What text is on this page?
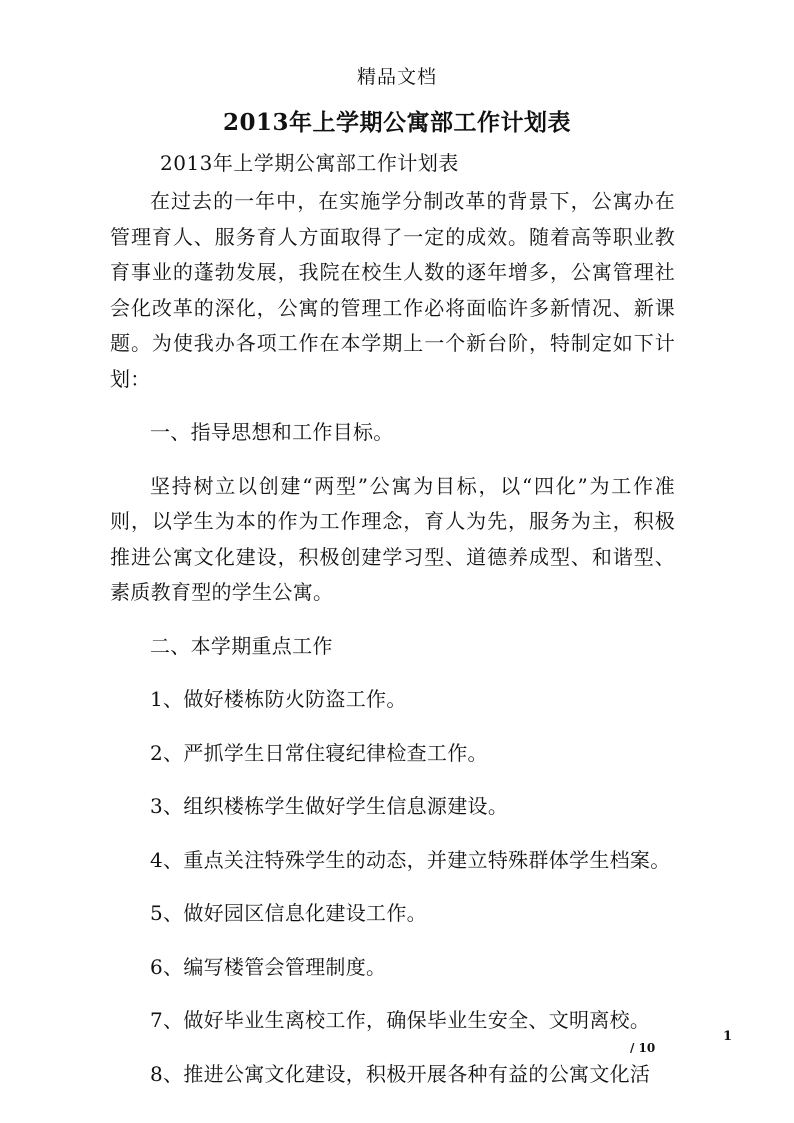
精品文档
2013年上学期公寓部工作计划表
2013年上学期公寓部工作计划表

在过去的一年中，在实施学分制改革的背景下，公寓办在管理育人、服务育人方面取得了一定的成效。随着高等职业教育事业的蓬勃发展，我院在校生人数的逐年增多，公寓管理社会化改革的深化，公寓的管理工作必将面临许多新情况、新课题。为使我办各项工作在本学期上一个新台阶，特制定如下计划：

一、指导思想和工作目标。

坚持树立以创建“两型”公寓为目标，以“四化”为工作准则，以学生为本的作为工作理念，育人为先，服务为主，积极推进公寓文化建设，积极创建学习型、道德养成型、和谐型、素质教育型的学生公寓。

二、本学期重点工作

1、做好楼栋防火防盗工作。

2、严抓学生日常住寝纪律检查工作。

3、组织楼栋学生做好学生信息源建设。

4、重点关注特殊学生的动态，并建立特殊群体学生档案。

5、做好园区信息化建设工作。

6、编写楼管会管理制度。

7、做好毕业生离校工作，确保毕业生安全、文明离校。

8、推进公寓文化建设，积极开展各种有益的公寓文化活

1
/ 10
